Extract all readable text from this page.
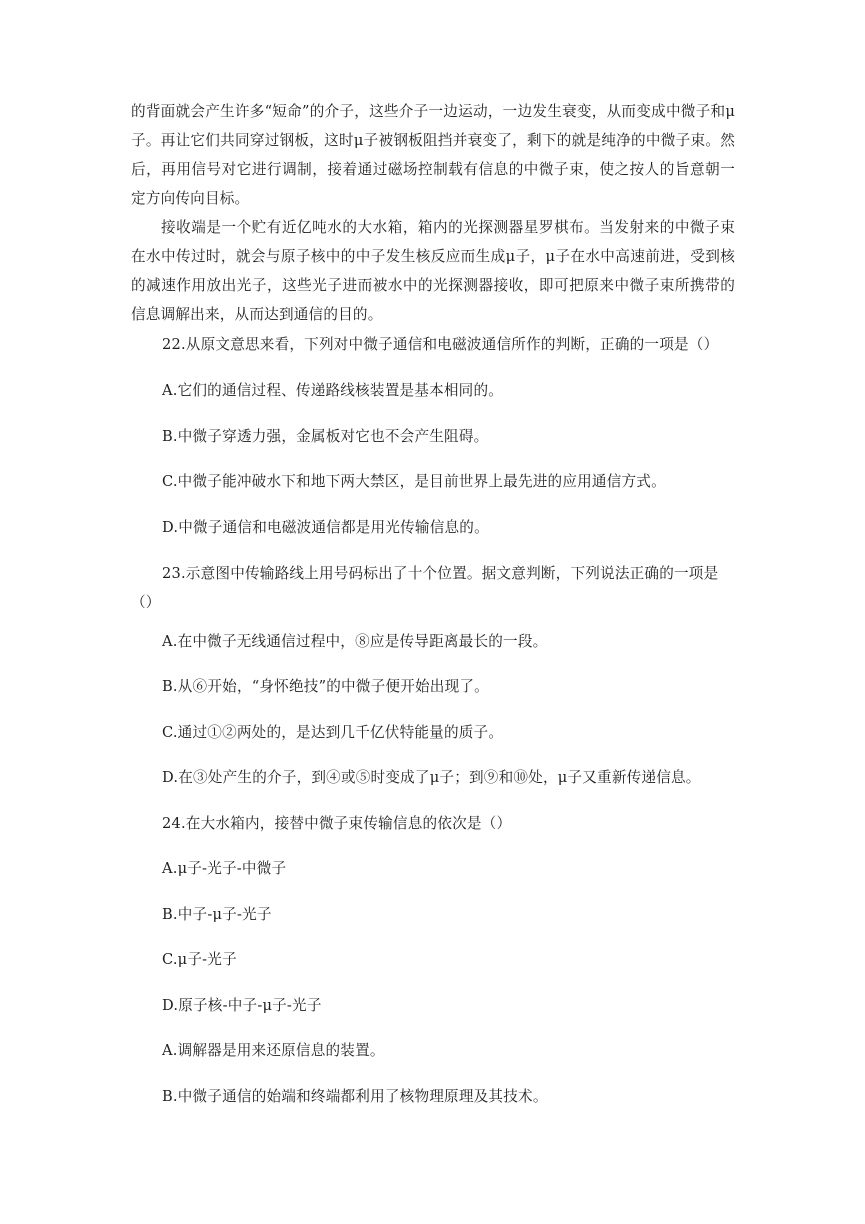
的背面就会产生许多“短命”的介子，这些介子一边运动，一边发生衰变，从而变成中微子和μ子。再让它们共同穿过钢板，这时μ子被钢板阻挡并衰变了，剩下的就是纯净的中微子束。然后，再用信号对它进行调制，接着通过磁场控制载有信息的中微子束，使之按人的旨意朝一定方向传向目标。

接收端是一个贮有近亿吨水的大水箱，箱内的光探测器星罗棋布。当发射来的中微子束在水中传过时，就会与原子核中的中子发生核反应而生成μ子，μ子在水中高速前进，受到核的减速作用放出光子，这些光子进而被水中的光探测器接收，即可把原来中微子束所携带的信息调解出来，从而达到通信的目的。

22.从原文意思来看，下列对中微子通信和电磁波通信所作的判断，正确的一项是（）
A.它们的通信过程、传递路线核装置是基本相同的。
B.中微子穿透力强，金属板对它也不会产生阻碍。
C.中微子能冲破水下和地下两大禁区，是目前世界上最先进的应用通信方式。
D.中微子通信和电磁波通信都是用光传输信息的。

23.示意图中传输路线上用号码标出了十个位置。据文意判断，下列说法正确的一项是（）

A.在中微子无线通信过程中，⑧应是传导距离最长的一段。
B.从⑥开始，“身怀绝技”的中微子便开始出现了。
C.通过①②两处的，是达到几千亿伏特能量的质子。
D.在③处产生的介子，到④或⑤时变成了μ子；到⑨和⑩处，μ子又重新传递信息。
24.在大水箱内，接替中微子束传输信息的依次是（）
A.μ子-光子-中微子
B.中子-μ子-光子
C.μ子-光子
D.原子核-中子-μ子-光子
A.调解器是用来还原信息的装置。
B.中微子通信的始端和终端都利用了核物理原理及其技术。
